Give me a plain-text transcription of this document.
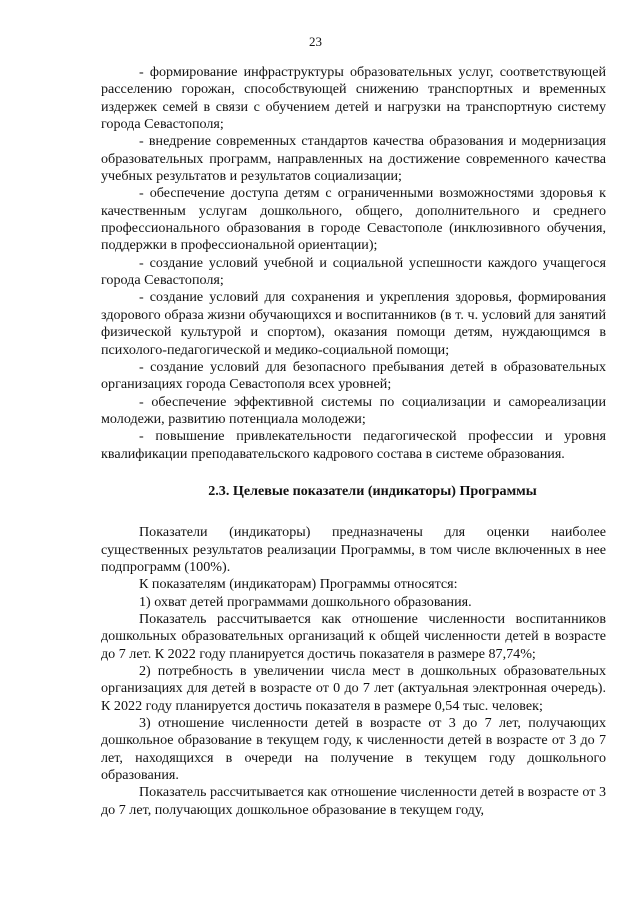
23

- формирование инфраструктуры образовательных услуг, соответствующей расселению горожан, способствующей снижению транспортных и временных издержек семей в связи с обучением детей и нагрузки на транспортную систему города Севастополя;

- внедрение современных стандартов качества образования и модернизация образовательных программ, направленных на достижение современного качества учебных результатов и результатов социализации;

- обеспечение доступа детям с ограниченными возможностями здоровья к качественным услугам дошкольного, общего, дополнительного и среднего профессионального образования в городе Севастополе (инклюзивного обучения, поддержки в профессиональной ориентации);

- создание условий учебной и социальной успешности каждого учащегося города Севастополя;

- создание условий для сохранения и укрепления здоровья, формирования здорового образа жизни обучающихся и воспитанников (в т. ч. условий для занятий физической культурой и спортом), оказания помощи детям, нуждающимся в психолого-педагогической и медико-социальной помощи;

- создание условий для безопасного пребывания детей в образовательных организациях города Севастополя всех уровней;

- обеспечение эффективной системы по социализации и самореализации молодежи, развитию потенциала молодежи;

- повышение привлекательности педагогической профессии и уровня квалификации преподавательского кадрового состава в системе образования.

2.3. Целевые показатели (индикаторы) Программы

Показатели (индикаторы) предназначены для оценки наиболее существенных результатов реализации Программы, в том числе включенных в нее подпрограмм (100%).

К показателям (индикаторам) Программы относятся:

1) охват детей программами дошкольного образования.

Показатель рассчитывается как отношение численности воспитанников дошкольных образовательных организаций к общей численности детей в возрасте до 7 лет. К 2022 году планируется достичь показателя в размере 87,74%;

2) потребность в увеличении числа мест в дошкольных образовательных организациях для детей в возрасте от 0 до 7 лет (актуальная электронная очередь). К 2022 году планируется достичь показателя в размере 0,54 тыс. человек;

3) отношение численности детей в возрасте от 3 до 7 лет, получающих дошкольное образование в текущем году, к численности детей в возрасте от 3 до 7 лет, находящихся в очереди на получение в текущем году дошкольного образования.

Показатель рассчитывается как отношение численности детей в возрасте от 3 до 7 лет, получающих дошкольное образование в текущем году,
